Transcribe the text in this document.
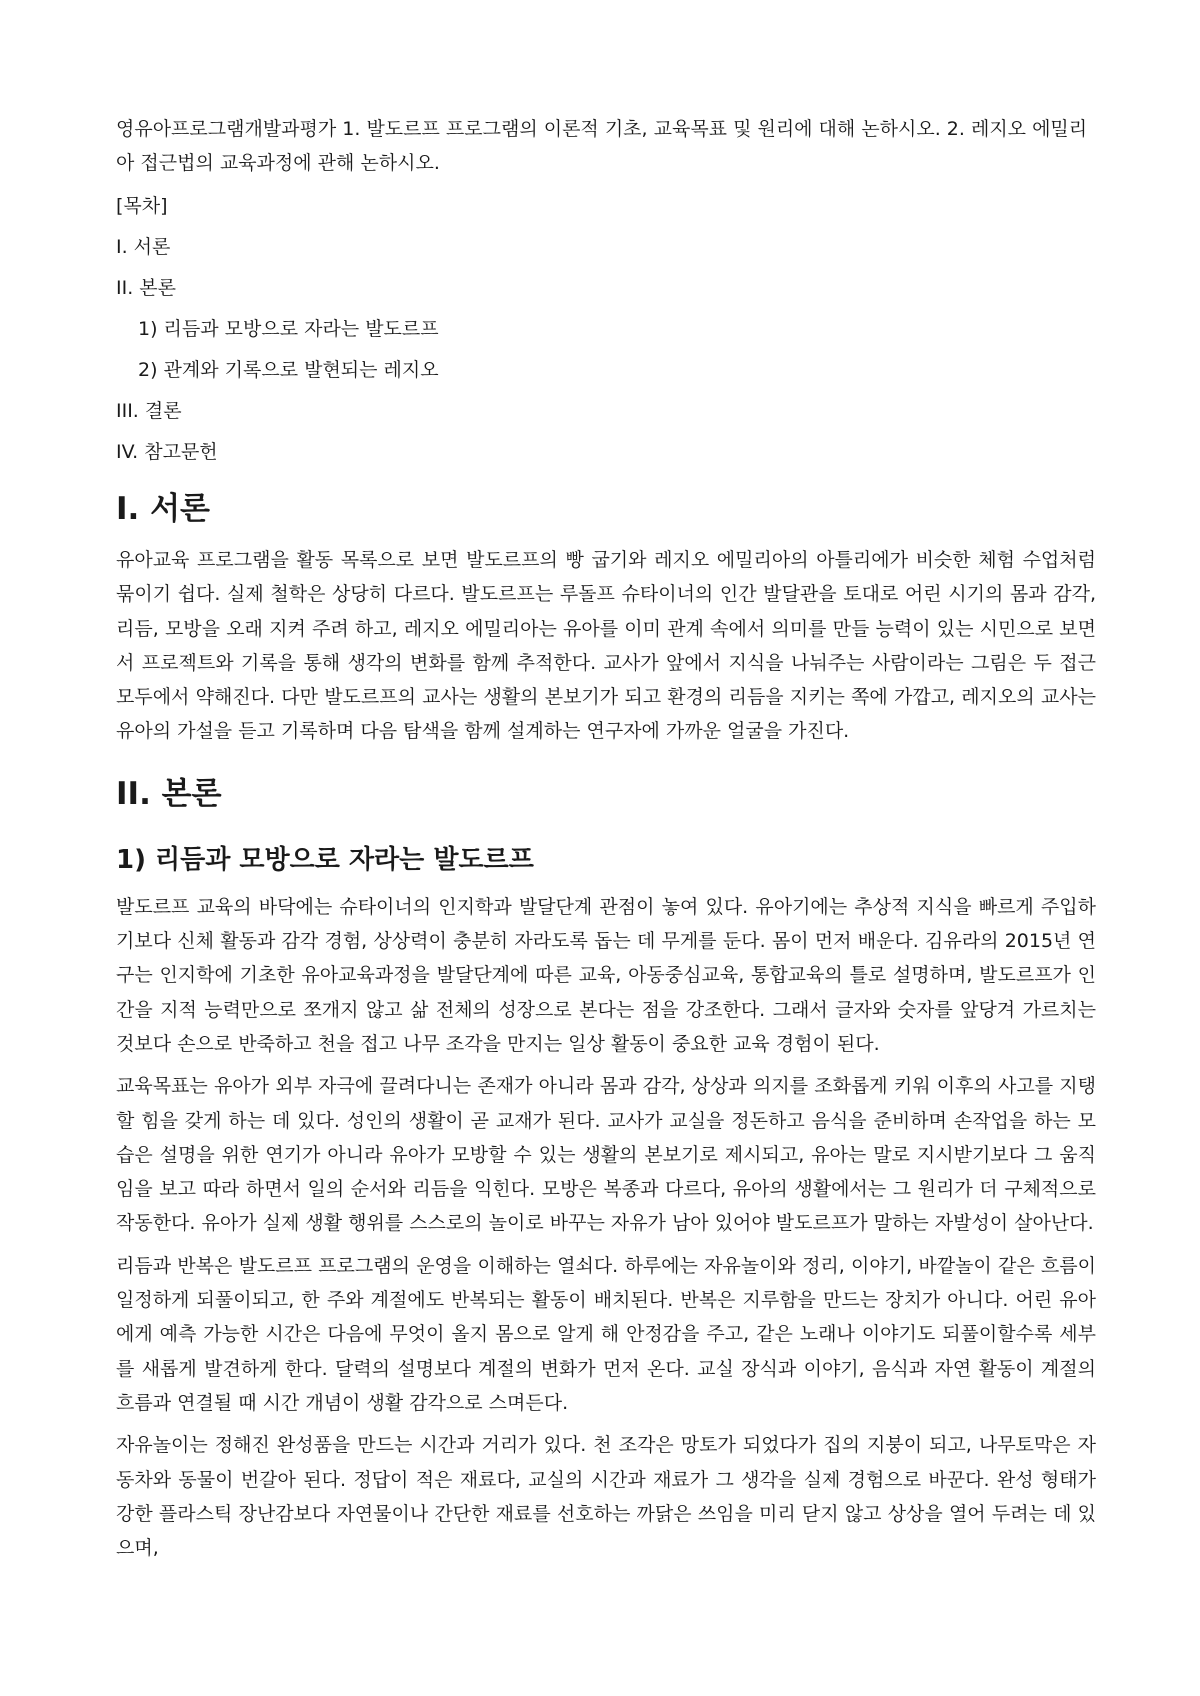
영유아프로그램개발과평가 1. 발도르프 프로그램의 이론적 기초, 교육목표 및 원리에 대해 논하시오. 2. 레지오 에밀리아 접근법의 교육과정에 관해 논하시오.

[목차]
I. 서론
II. 본론
1) 리듬과 모방으로 자라는 발도르프
2) 관계와 기록으로 발현되는 레지오
III. 결론
IV. 참고문헌
I. 서론

유아교육 프로그램을 활동 목록으로 보면 발도르프의 빵 굽기와 레지오 에밀리아의 아틀리에가 비슷한 체험 수업처럼 묶이기 쉽다. 실제 철학은 상당히 다르다. 발도르프는 루돌프 슈타이너의 인간 발달관을 토대로 어린 시기의 몸과 감각, 리듬, 모방을 오래 지켜 주려 하고, 레지오 에밀리아는 유아를 이미 관계 속에서 의미를 만들 능력이 있는 시민으로 보면서 프로젝트와 기록을 통해 생각의 변화를 함께 추적한다. 교사가 앞에서 지식을 나눠주는 사람이라는 그림은 두 접근 모두에서 약해진다. 다만 발도르프의 교사는 생활의 본보기가 되고 환경의 리듬을 지키는 쪽에 가깝고, 레지오의 교사는 유아의 가설을 듣고 기록하며 다음 탐색을 함께 설계하는 연구자에 가까운 얼굴을 가진다.

II. 본론
1) 리듬과 모방으로 자라는 발도르프

발도르프 교육의 바닥에는 슈타이너의 인지학과 발달단계 관점이 놓여 있다. 유아기에는 추상적 지식을 빠르게 주입하기보다 신체 활동과 감각 경험, 상상력이 충분히 자라도록 돕는 데 무게를 둔다. 몸이 먼저 배운다. 김유라의 2015년 연구는 인지학에 기초한 유아교육과정을 발달단계에 따른 교육, 아동중심교육, 통합교육의 틀로 설명하며, 발도르프가 인간을 지적 능력만으로 쪼개지 않고 삶 전체의 성장으로 본다는 점을 강조한다. 그래서 글자와 숫자를 앞당겨 가르치는 것보다 손으로 반죽하고 천을 접고 나무 조각을 만지는 일상 활동이 중요한 교육 경험이 된다.

교육목표는 유아가 외부 자극에 끌려다니는 존재가 아니라 몸과 감각, 상상과 의지를 조화롭게 키워 이후의 사고를 지탱할 힘을 갖게 하는 데 있다. 성인의 생활이 곧 교재가 된다. 교사가 교실을 정돈하고 음식을 준비하며 손작업을 하는 모습은 설명을 위한 연기가 아니라 유아가 모방할 수 있는 생활의 본보기로 제시되고, 유아는 말로 지시받기보다 그 움직임을 보고 따라 하면서 일의 순서와 리듬을 익힌다. 모방은 복종과 다르다, 유아의 생활에서는 그 원리가 더 구체적으로 작동한다. 유아가 실제 생활 행위를 스스로의 놀이로 바꾸는 자유가 남아 있어야 발도르프가 말하는 자발성이 살아난다.

리듬과 반복은 발도르프 프로그램의 운영을 이해하는 열쇠다. 하루에는 자유놀이와 정리, 이야기, 바깥놀이 같은 흐름이 일정하게 되풀이되고, 한 주와 계절에도 반복되는 활동이 배치된다. 반복은 지루함을 만드는 장치가 아니다. 어린 유아에게 예측 가능한 시간은 다음에 무엇이 올지 몸으로 알게 해 안정감을 주고, 같은 노래나 이야기도 되풀이할수록 세부를 새롭게 발견하게 한다. 달력의 설명보다 계절의 변화가 먼저 온다. 교실 장식과 이야기, 음식과 자연 활동이 계절의 흐름과 연결될 때 시간 개념이 생활 감각으로 스며든다.

자유놀이는 정해진 완성품을 만드는 시간과 거리가 있다. 천 조각은 망토가 되었다가 집의 지붕이 되고, 나무토막은 자동차와 동물이 번갈아 된다. 정답이 적은 재료다, 교실의 시간과 재료가 그 생각을 실제 경험으로 바꾼다. 완성 형태가 강한 플라스틱 장난감보다 자연물이나 간단한 재료를 선호하는 까닭은 쓰임을 미리 닫지 않고 상상을 열어 두려는 데 있으며,
